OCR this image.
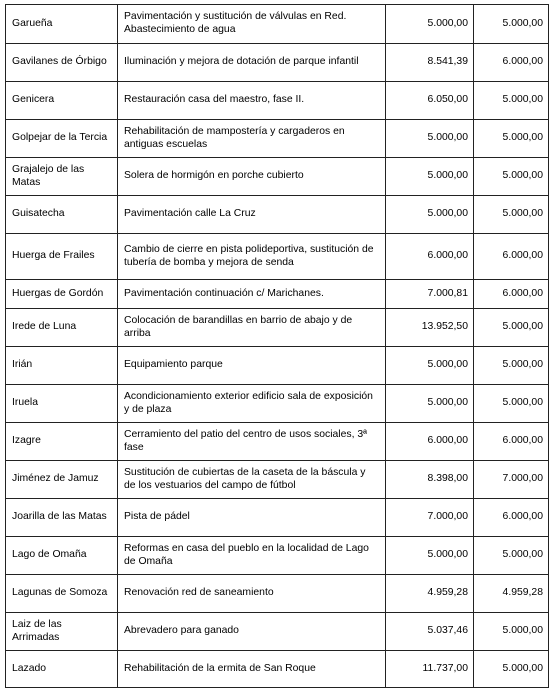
Garueña	Pavimentación y sustitución de válvulas en Red. Abastecimiento de agua	5.000,00	5.000,00
Gavilanes de Órbigo	Iluminación y mejora de dotación de parque infantil	8.541,39	6.000,00
Genicera	Restauración casa del maestro, fase II.	6.050,00	5.000,00
Golpejar de la Tercia	Rehabilitación de mampostería y cargaderos en antiguas escuelas	5.000,00	5.000,00
Grajalejo de las Matas	Solera de hormigón en porche cubierto	5.000,00	5.000,00
Guisatecha	Pavimentación calle La Cruz	5.000,00	5.000,00
Huerga de Frailes	Cambio de cierre en pista polideportiva, sustitución de tubería de bomba y mejora de senda	6.000,00	6.000,00
Huergas de Gordón	Pavimentación continuación c/ Marichanes.	7.000,81	6.000,00
Irede de Luna	Colocación de barandillas en barrio de abajo y de arriba	13.952,50	5.000,00
Irián	Equipamiento parque	5.000,00	5.000,00
Iruela	Acondicionamiento exterior edificio sala de exposición y de plaza	5.000,00	5.000,00
Izagre	Cerramiento del patio del centro de usos sociales, 3ª fase	6.000,00	6.000,00
Jiménez de Jamuz	Sustitución de cubiertas de la caseta de la báscula y de los vestuarios del campo de fútbol	8.398,00	7.000,00
Joarilla de las Matas	Pista de pádel	7.000,00	6.000,00
Lago de Omaña	Reformas en casa del pueblo en la localidad de Lago de Omaña	5.000,00	5.000,00
Lagunas de Somoza	Renovación red de saneamiento	4.959,28	4.959,28
Laiz de las Arrimadas	Abrevadero para ganado	5.037,46	5.000,00
Lazado	Rehabilitación de la ermita de San Roque	11.737,00	5.000,00
